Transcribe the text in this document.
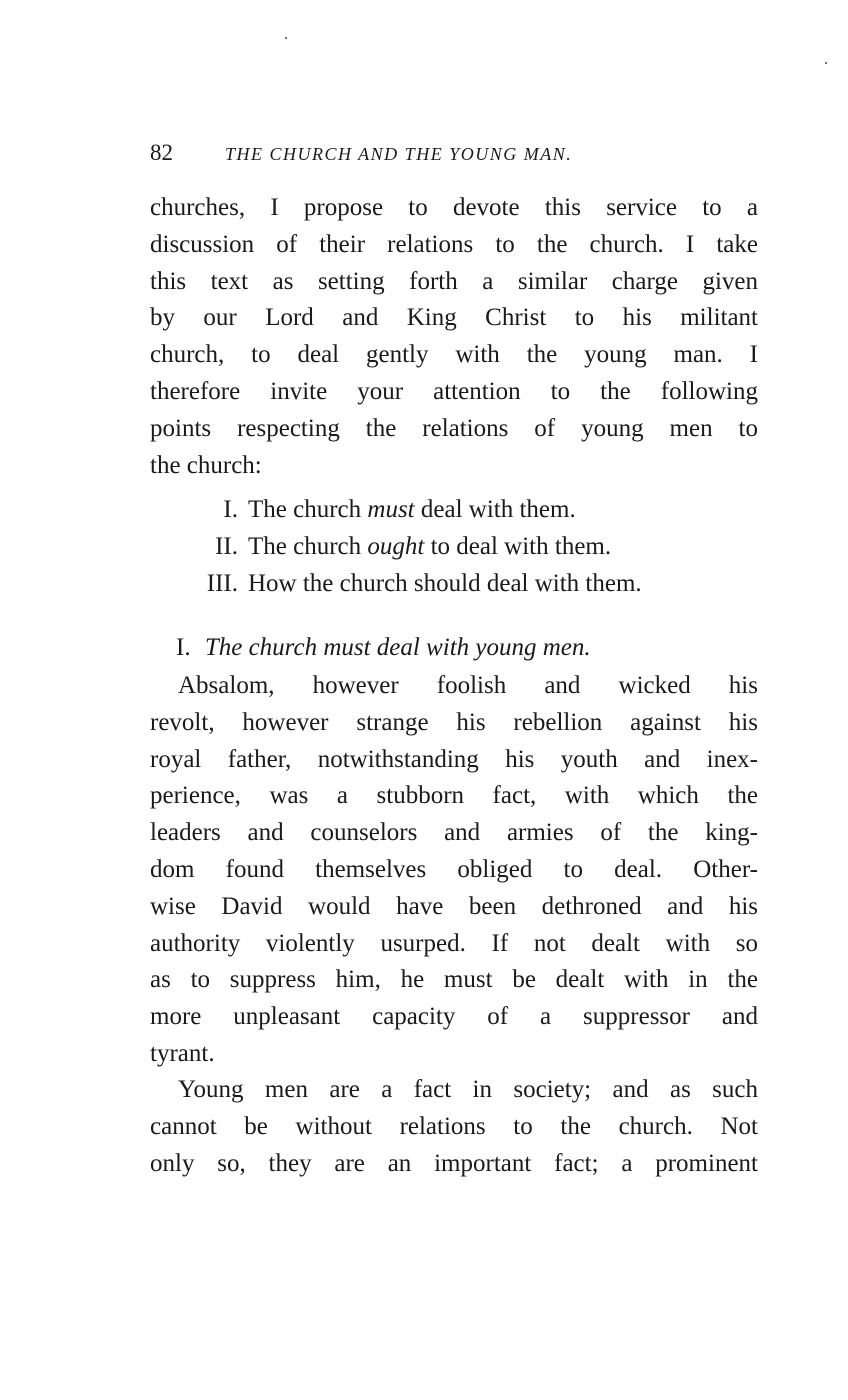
82	THE CHURCH AND THE YOUNG MAN.
churches, I propose to devote this service to a
discussion of their relations to the church. I take
this text as setting forth a similar charge given
by our Lord and King Christ to his militant
church, to deal gently with the young man. I
therefore invite your attention to the following
points respecting the relations of young men to
the church:
I. The church must deal with them.
II. The church ought to deal with them.
III. How the church should deal with them.
I. The church must deal with young men.
Absalom, however foolish and wicked his
revolt, however strange his rebellion against his
royal father, notwithstanding his youth and inex-
perience, was a stubborn fact, with which the
leaders and counselors and armies of the king-
dom found themselves obliged to deal. Other-
wise David would have been dethroned and his
authority violently usurped. If not dealt with so
as to suppress him, he must be dealt with in the
more unpleasant capacity of a suppressor and
tyrant.
Young men are a fact in society; and as such
cannot be without relations to the church. Not
only so, they are an important fact; a prominent
